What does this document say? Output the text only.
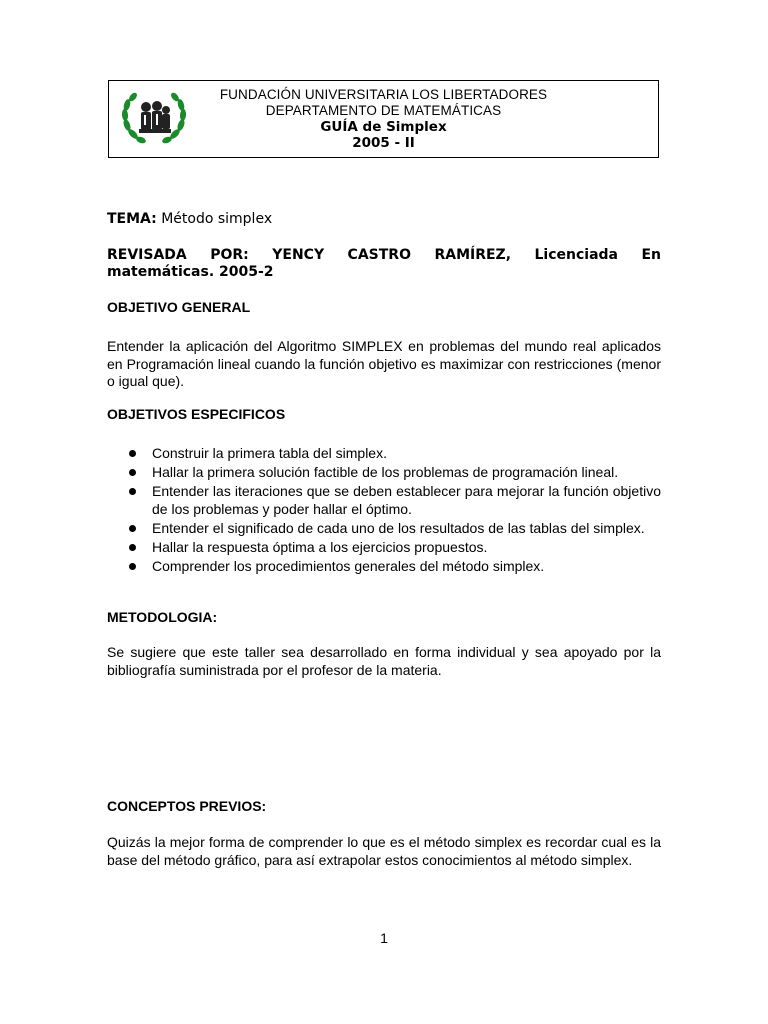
FUNDACIÓN UNIVERSITARIA LOS LIBERTADORES
DEPARTAMENTO DE MATEMÁTICAS
GUÍA de Simplex
2005 - II
TEMA: Método simplex
REVISADA POR: YENCY CASTRO RAMÍREZ, Licenciada En matemáticas. 2005-2
OBJETIVO GENERAL
Entender la aplicación del Algoritmo SIMPLEX en problemas del mundo real aplicados en Programación lineal cuando la función objetivo es maximizar con restricciones (menor o igual que).
OBJETIVOS ESPECIFICOS
Construir la primera tabla del simplex.
Hallar la primera solución factible de los problemas de programación lineal.
Entender las iteraciones que se deben establecer para mejorar la función objetivo de los problemas y poder hallar el óptimo.
Entender el significado de cada uno de los resultados de las tablas del simplex.
Hallar la respuesta óptima a los ejercicios propuestos.
Comprender los procedimientos generales del método simplex.
METODOLOGIA:
Se sugiere que este taller sea desarrollado en forma individual y sea apoyado por la bibliografía suministrada por el profesor de la materia.
CONCEPTOS PREVIOS:
Quizás la mejor forma de comprender lo que es el método simplex es recordar cual es la base del método gráfico, para así extrapolar estos conocimientos al método simplex.
1
